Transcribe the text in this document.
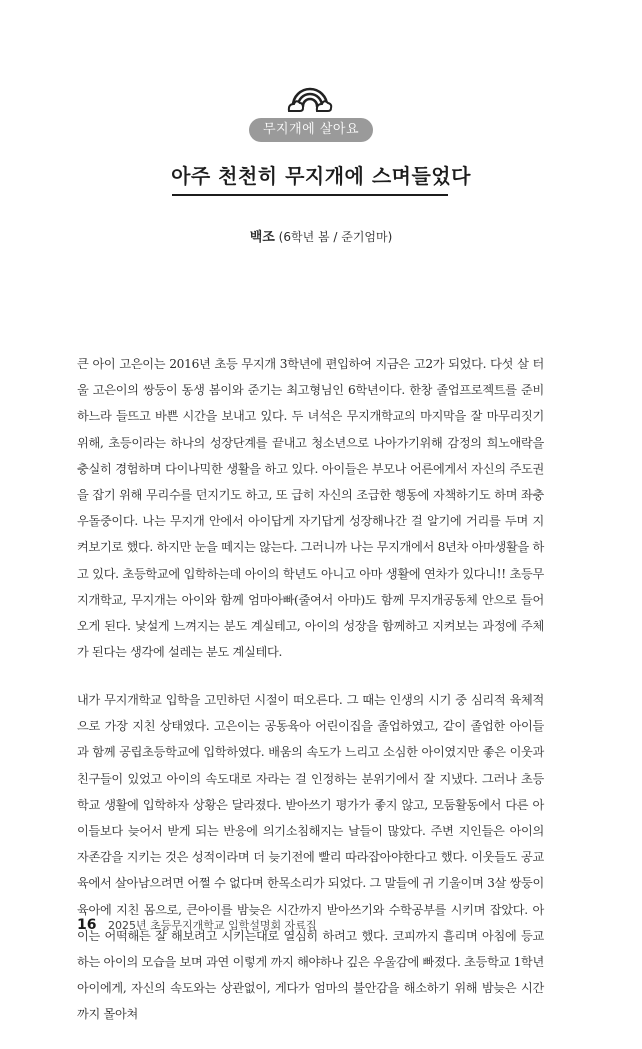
무지개에 살아요
아주 천천히 무지개에 스며들었다
백조 (6학년 봄 / 준기엄마)

큰 아이 고은이는 2016년 초등 무지개 3학년에 편입하여 지금은 고2가 되었다. 다섯 살 터울 고은이의 쌍둥이 동생 봄이와 준기는 최고형님인 6학년이다. 한창 졸업프로젝트를 준비하느라 들뜨고 바쁜 시간을 보내고 있다. 두 녀석은 무지개학교의 마지막을 잘 마무리짓기 위해, 초등이라는 하나의 성장단계를 끝내고 청소년으로 나아가기위해 감정의 희노애락을 충실히 경험하며 다이나믹한 생활을 하고 있다. 아이들은 부모나 어른에게서 자신의 주도권을 잡기 위해 무리수를 던지기도 하고, 또 급히 자신의 조급한 행동에 자책하기도 하며 좌충우돌중이다. 나는 무지개 안에서 아이답게 자기답게 성장해나간 걸 알기에 거리를 두며 지켜보기로 했다. 하지만 눈을 떼지는 않는다. 그러니까 나는 무지개에서 8년차 아마생활을 하고 있다. 초등학교에 입학하는데 아이의 학년도 아니고 아마 생활에 연차가 있다니!! 초등무지개학교, 무지개는 아이와 함께 엄마아빠(줄여서 아마)도 함께 무지개공동체 안으로 들어오게 된다. 낯설게 느껴지는 분도 계실테고, 아이의 성장을 함께하고 지켜보는 과정에 주체가 된다는 생각에 설레는 분도 계실테다.

내가 무지개학교 입학을 고민하던 시절이 떠오른다. 그 때는 인생의 시기 중 심리적 육체적으로 가장 지친 상태였다. 고은이는 공동육아 어린이집을 졸업하였고, 같이 졸업한 아이들과 함께 공립초등학교에 입학하였다. 배움의 속도가 느리고 소심한 아이였지만 좋은 이웃과 친구들이 있었고 아이의 속도대로 자라는 걸 인정하는 분위기에서 잘 지냈다. 그러나 초등학교 생활에 입학하자 상황은 달라졌다. 받아쓰기 평가가 좋지 않고, 모둠활동에서 다른 아이들보다 늦어서 받게 되는 반응에 의기소침해지는 날들이 많았다. 주변 지인들은 아이의 자존감을 지키는 것은 성적이라며 더 늦기전에 빨리 따라잡아야한다고 했다. 이웃들도 공교육에서 살아남으려면 어쩔 수 없다며 한목소리가 되었다. 그 말들에 귀 기울이며 3살 쌍둥이육아에 지친 몸으로, 큰아이를 밤늦은 시간까지 받아쓰기와 수학공부를 시키며 잡았다. 아이는 어떡해든 잘 해보려고 시키는대로 열심히 하려고 했다. 코피까지 흘리며 아침에 등교하는 아이의 모습을 보며 과연 이렇게 까지 해야하나 깊은 우울감에 빠졌다. 초등학교 1학년 아이에게, 자신의 속도와는 상관없이, 게다가 엄마의 불안감을 해소하기 위해 밤늦은 시간까지 몰아쳐

16 2025년 초등무지개학교 입학설명회 자료집
